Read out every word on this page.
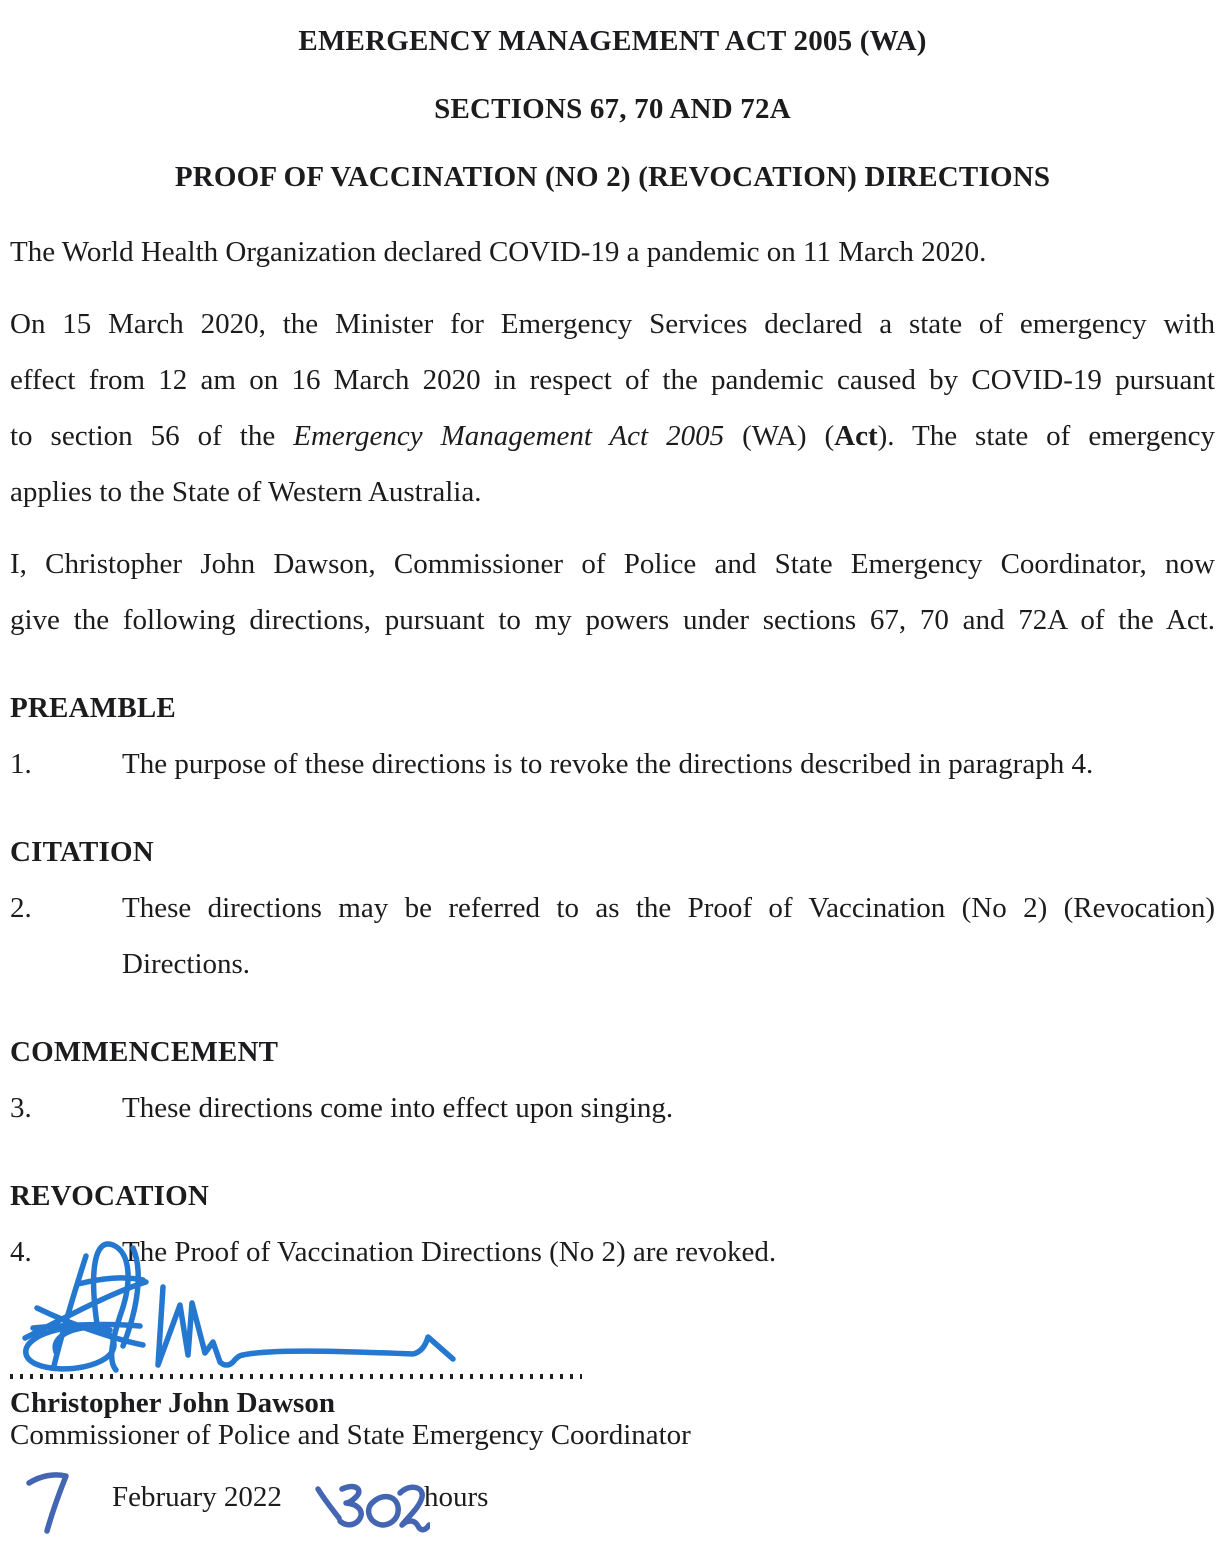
EMERGENCY MANAGEMENT ACT 2005 (WA)

SECTIONS 67, 70 AND 72A

PROOF OF VACCINATION (NO 2) (REVOCATION) DIRECTIONS

The World Health Organization declared COVID-19 a pandemic on 11 March 2020.

On 15 March 2020, the Minister for Emergency Services declared a state of emergency with
effect from 12 am on 16 March 2020 in respect of the pandemic caused by COVID-19 pursuant
to section 56 of the Emergency Management Act 2005 (WA) (Act). The state of emergency
applies to the State of Western Australia.

I, Christopher John Dawson, Commissioner of Police and State Emergency Coordinator, now
give the following directions, pursuant to my powers under sections 67, 70 and 72A of the Act.

PREAMBLE
1.	The purpose of these directions is to revoke the directions described in paragraph 4.
CITATION
2.	These directions may be referred to as the Proof of Vaccination (No 2) (Revocation)
Directions.
COMMENCEMENT
3.	These directions come into effect upon singing.
REVOCATION
4.	The Proof of Vaccination Directions (No 2) are revoked.
Christopher John Dawson
Commissioner of Police and State Emergency Coordinator
February 2022	hours
